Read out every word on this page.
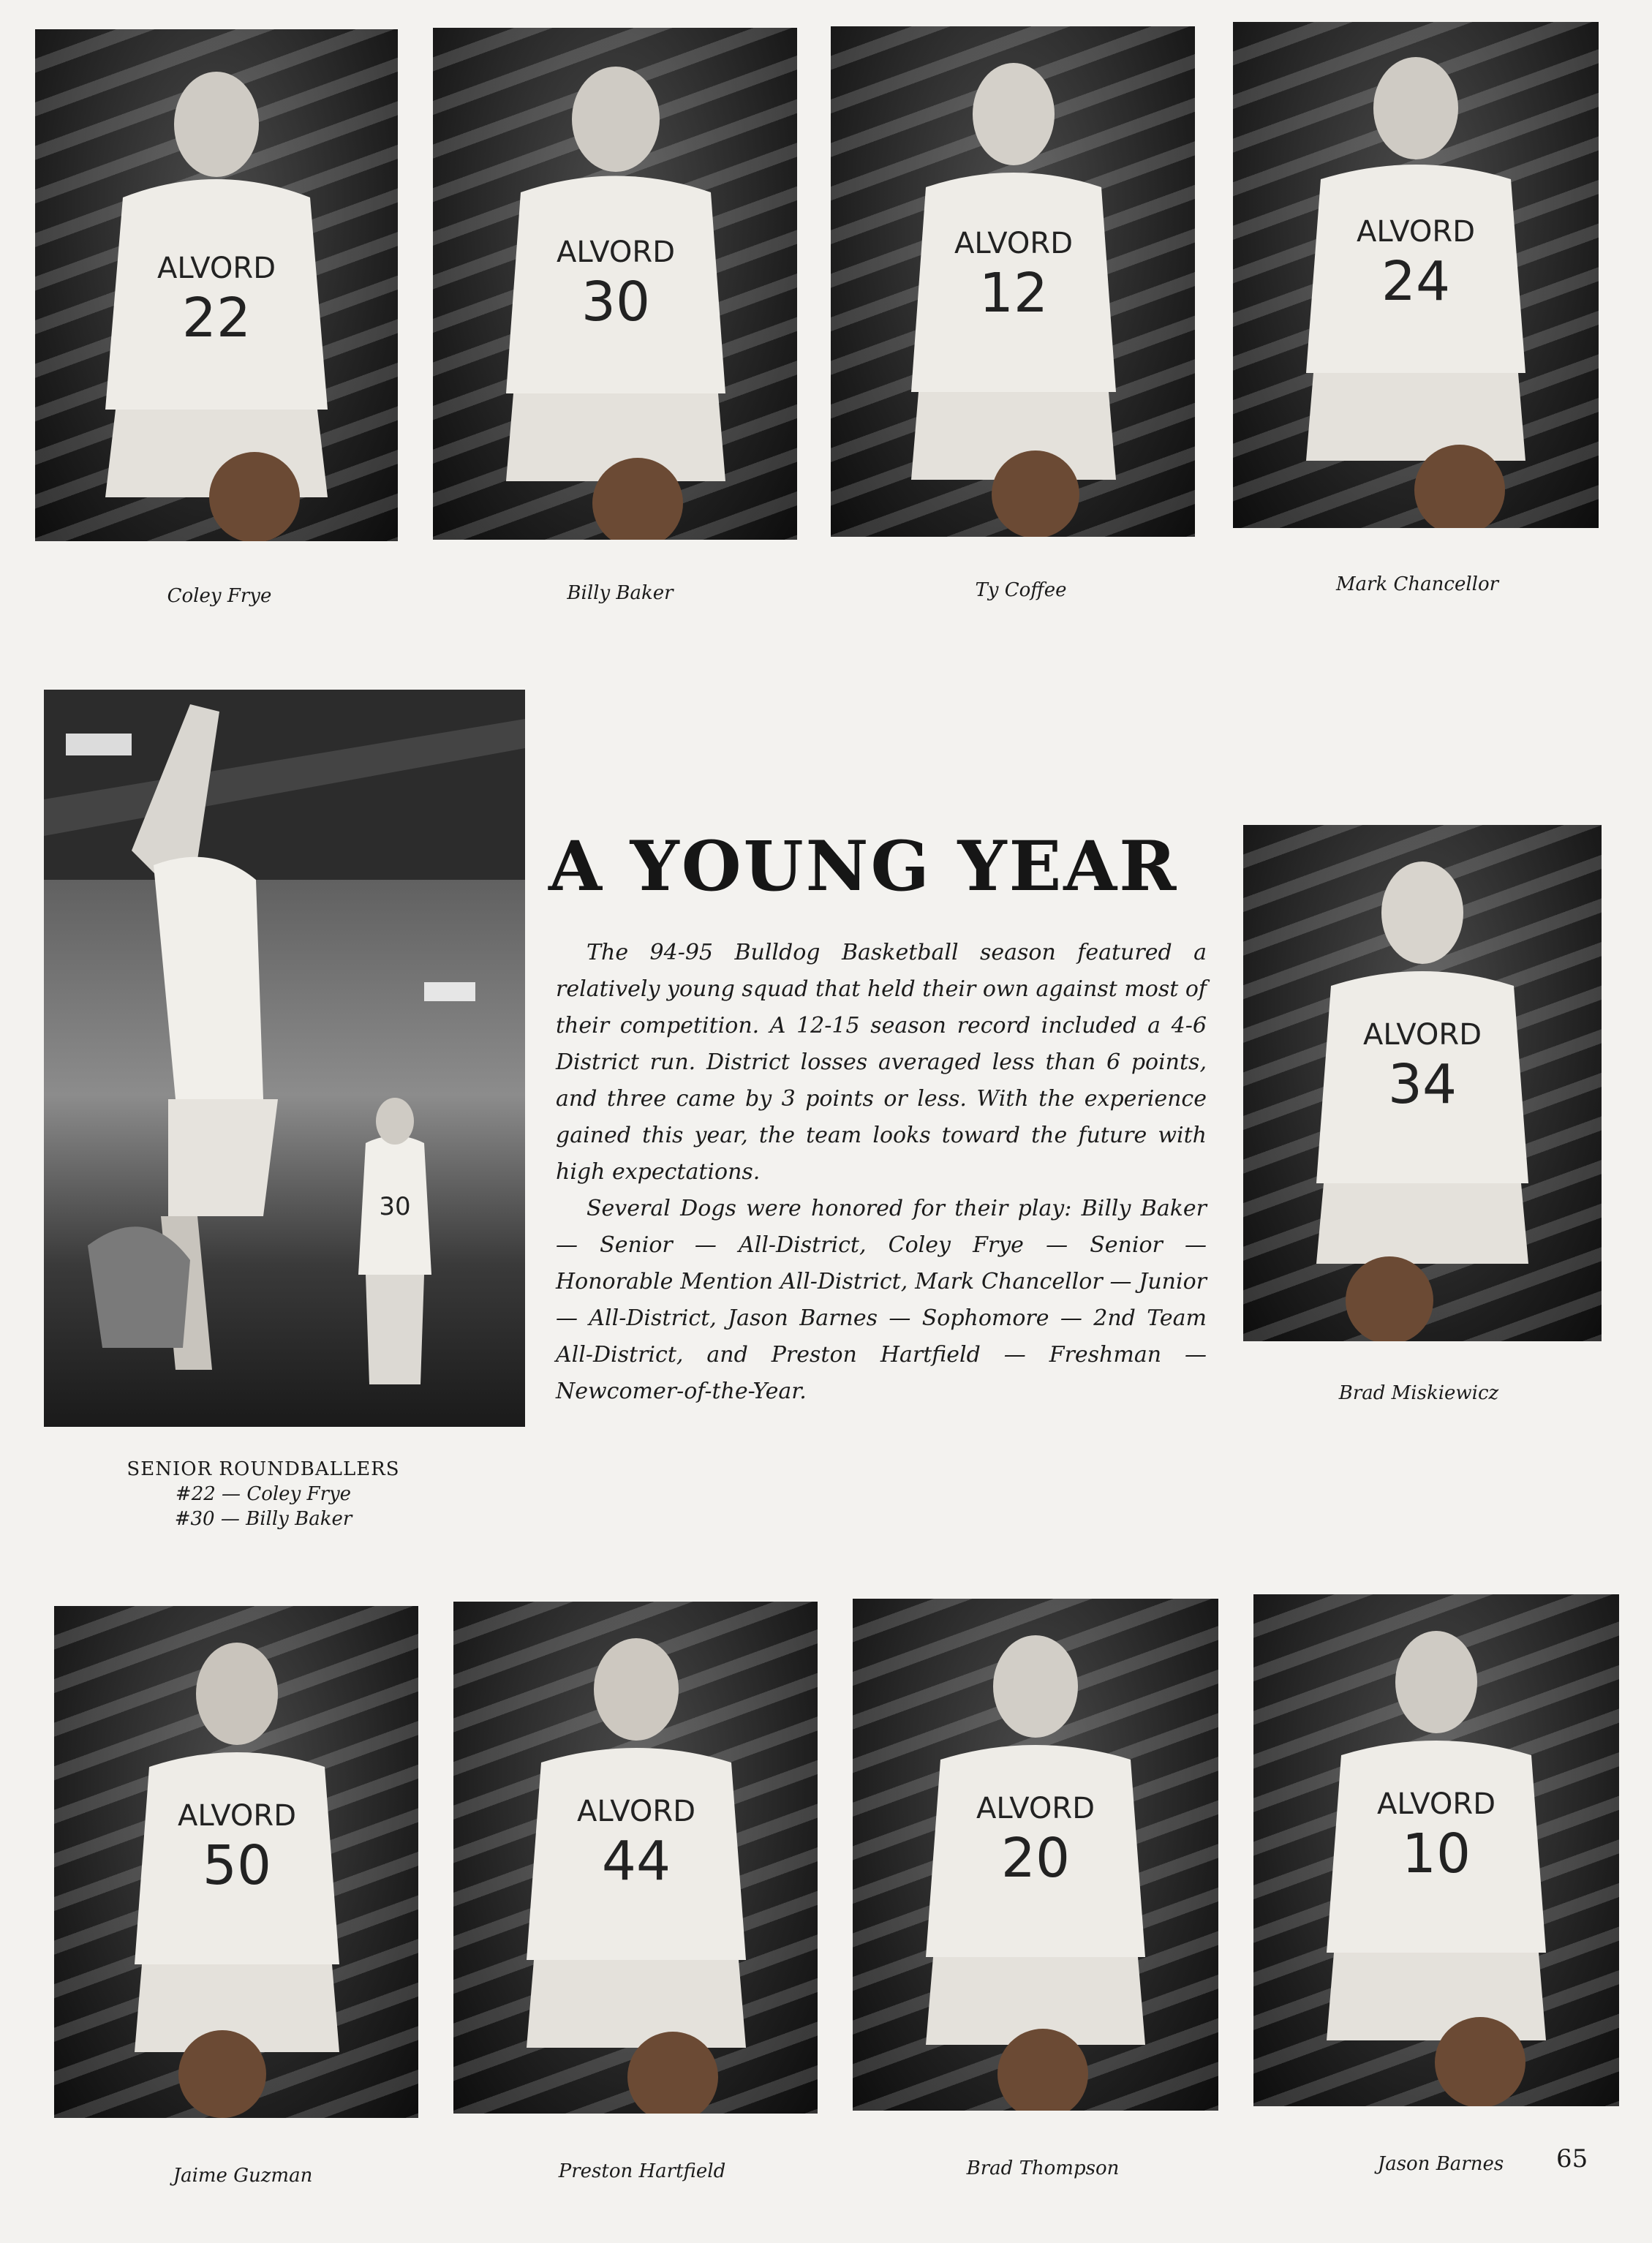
ALVORD
22
Coley Frye
ALVORD
30
Billy Baker
ALVORD
12
Ty Coffee
ALVORD
24
Mark Chancellor
30
A YOUNG YEAR

The 94-95 Bulldog Basketball season featured a relatively young squad that held their own against most of their competition. A 12-15 season record included a 4-6 District run. District losses averaged less than 6 points, and three came by 3 points or less. With the experience gained this year, the team looks toward the future with high expectations.

Several Dogs were honored for their play: Billy Baker — Senior — All-District, Coley Frye — Senior — Honorable Mention All-District, Mark Chancellor — Junior — All-District, Jason Barnes — Sophomore — 2nd Team All-District, and Preston Hartfield — Freshman — Newcomer-of-the-Year.

ALVORD
34
Brad Miskiewicz
SENIOR ROUNDBALLERS
#22 — Coley Frye
#30 — Billy Baker
ALVORD
50
Jaime Guzman
ALVORD
44
Preston Hartfield
ALVORD
20
Brad Thompson
ALVORD
10
Jason Barnes	65
